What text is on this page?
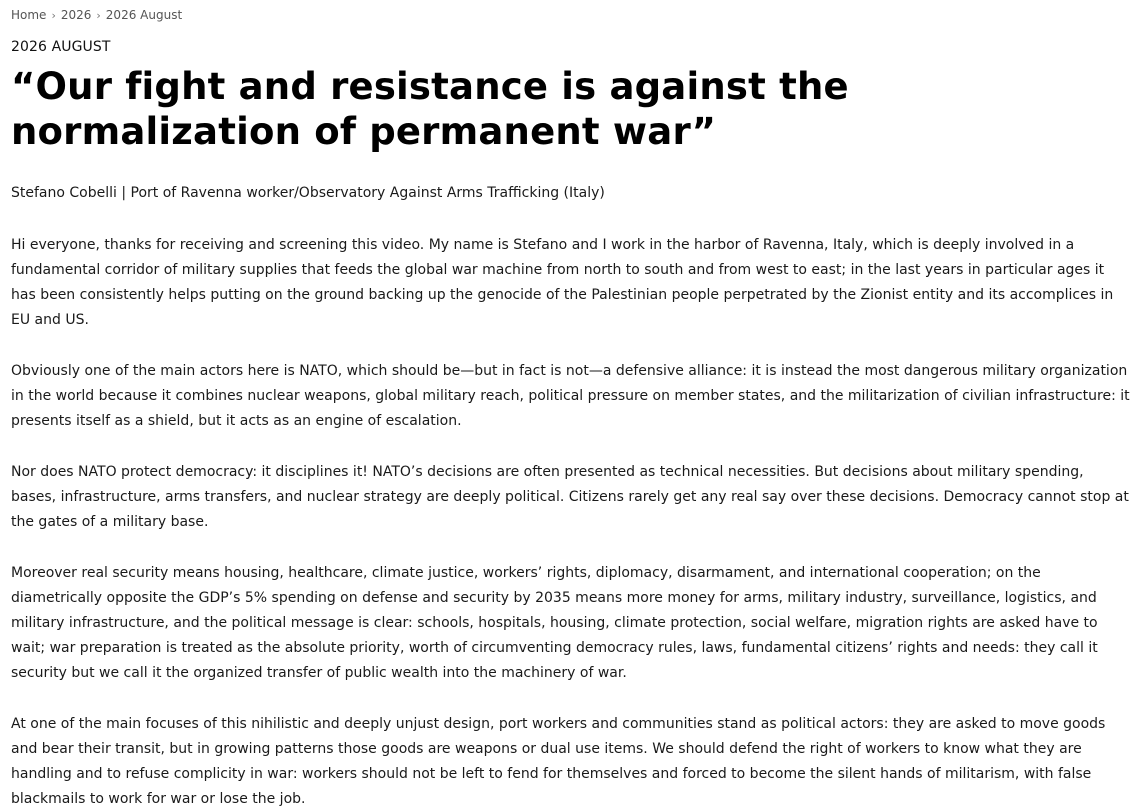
Home › 2026 › 2026 August
2026 AUGUST
“Our fight and resistance is against the normalization of permanent war”
Stefano Cobelli | Port of Ravenna worker/Observatory Against Arms Trafficking (Italy)

Hi everyone, thanks for receiving and screening this video. My name is Stefano and I work in the harbor of Ravenna, Italy, which is deeply involved in a fundamental corridor of military supplies that feeds the global war machine from north to south and from west to east; in the last years in particular ages it has been consistently helps putting on the ground backing up the genocide of the Palestinian people perpetrated by the Zionist entity and its accomplices in EU and US.

Obviously one of the main actors here is NATO, which should be—but in fact is not—a defensive alliance: it is instead the most dangerous military organization in the world because it combines nuclear weapons, global military reach, political pressure on member states, and the militarization of civilian infrastructure: it presents itself as a shield, but it acts as an engine of escalation.

Nor does NATO protect democracy: it disciplines it! NATO’s decisions are often presented as technical necessities. But decisions about military spending, bases, infrastructure, arms transfers, and nuclear strategy are deeply political. Citizens rarely get any real say over these decisions. Democracy cannot stop at the gates of a military base.

Moreover real security means housing, healthcare, climate justice, workers’ rights, diplomacy, disarmament, and international cooperation; on the diametrically opposite the GDP’s 5% spending on defense and security by 2035 means more money for arms, military industry, surveillance, logistics, and military infrastructure, and the political message is clear: schools, hospitals, housing, climate protection, social welfare, migration rights are asked have to wait; war preparation is treated as the absolute priority, worth of circumventing democracy rules, laws, fundamental citizens’ rights and needs: they call it security but we call it the organized transfer of public wealth into the machinery of war.

At one of the main focuses of this nihilistic and deeply unjust design, port workers and communities stand as political actors: they are asked to move goods and bear their transit, but in growing patterns those goods are weapons or dual use items. We should defend the right of workers to know what they are handling and to refuse complicity in war: workers should not be left to fend for themselves and forced to become the silent hands of militarism, with false blackmails to work for war or lose the job.
